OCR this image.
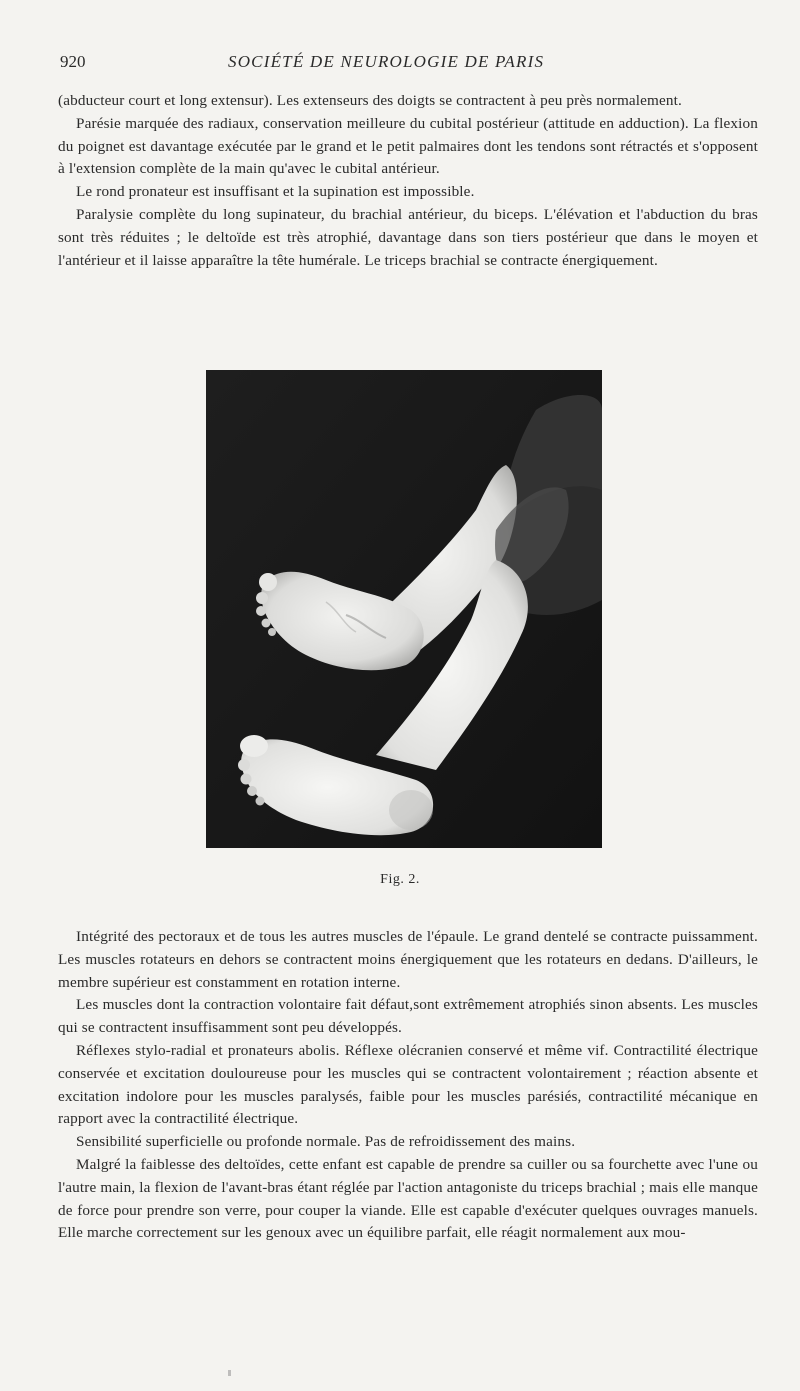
920	SOCIÉTÉ DE NEUROLOGIE DE PARIS

(abducteur court et long extensur). Les extenseurs des doigts se contractent à peu près normalement.

Parésie marquée des radiaux, conservation meilleure du cubital postérieur (attitude en adduction). La flexion du poignet est davantage exécutée par le grand et le petit palmaires dont les tendons sont rétractés et s'opposent à l'extension complète de la main qu'avec le cubital antérieur.

Le rond pronateur est insuffisant et la supination est impossible.

Paralysie complète du long supinateur, du brachial antérieur, du biceps. L'élévation et l'abduction du bras sont très réduites ; le deltoïde est très atrophié, davantage dans son tiers postérieur que dans le moyen et l'antérieur et il laisse apparaître la tête humérale. Le triceps brachial se contracte énergiquement.

Fig. 2.

Intégrité des pectoraux et de tous les autres muscles de l'épaule. Le grand dentelé se contracte puissamment. Les muscles rotateurs en dehors se contractent moins énergiquement que les rotateurs en dedans. D'ailleurs, le membre supérieur est constamment en rotation interne.

Les muscles dont la contraction volontaire fait défaut,sont extrêmement atrophiés sinon absents. Les muscles qui se contractent insuffisamment sont peu développés.

Réflexes stylo-radial et pronateurs abolis. Réflexe olécranien conservé et même vif. Contractilité électrique conservée et excitation douloureuse pour les muscles qui se contractent volontairement ; réaction absente et excitation indolore pour les muscles paralysés, faible pour les muscles parésiés, contractilité mécanique en rapport avec la contractilité électrique.

Sensibilité superficielle ou profonde normale. Pas de refroidissement des mains.

Malgré la faiblesse des deltoïdes, cette enfant est capable de prendre sa cuiller ou sa fourchette avec l'une ou l'autre main, la flexion de l'avant-bras étant réglée par l'action antagoniste du triceps brachial ; mais elle manque de force pour prendre son verre, pour couper la viande. Elle est capable d'exécuter quelques ouvrages manuels. Elle marche correctement sur les genoux avec un équilibre parfait, elle réagit normalement aux mou-
